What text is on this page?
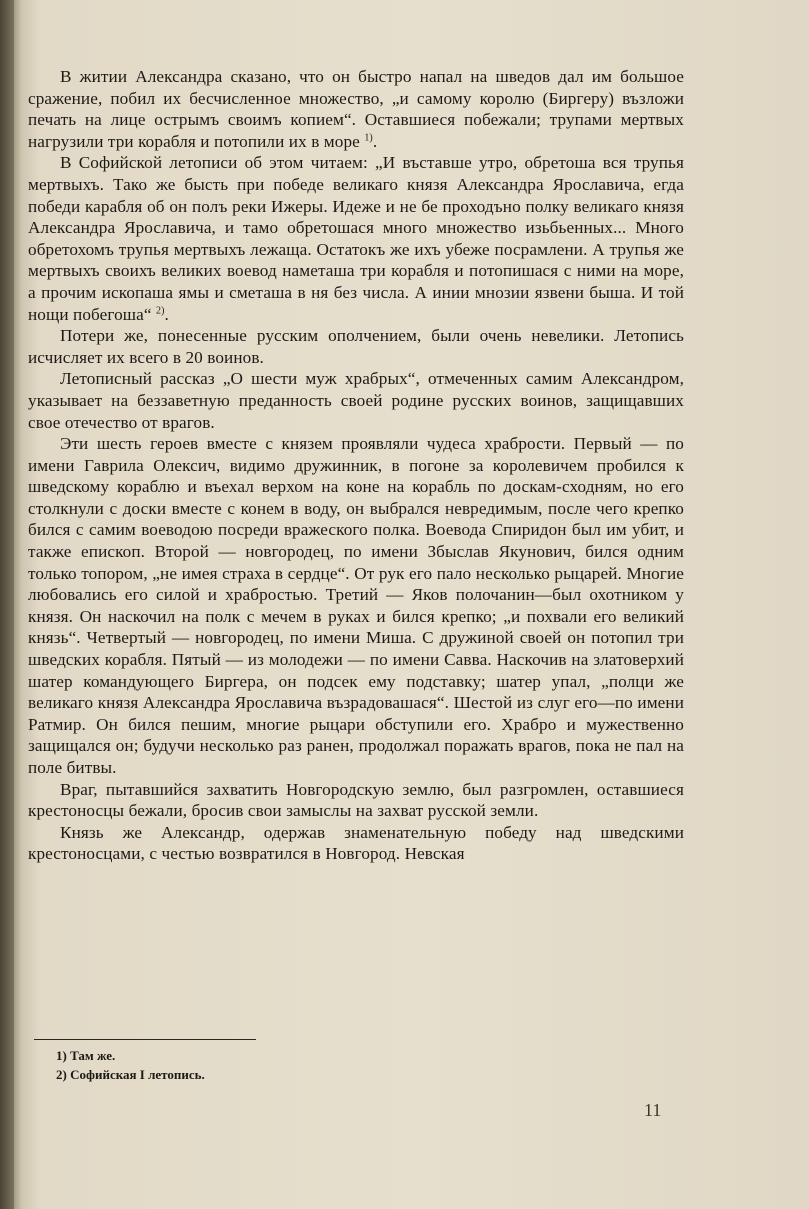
В житии Александра сказано, что он быстро напал на шведов дал им большое сражение, побил их бесчисленное множество, „и самому королю (Биргеру) възложи печать на лице острымъ своимъ копием“. Оставшиеся побежали; трупами мертвых нагрузили три корабля и потопили их в море $^{1)}$.

В Софийской летописи об этом читаем: „И въставше утро, обретоша вся трупья мертвыхъ. Тако же бысть при победе великаго князя Александра Ярославича, егда победи карабля об он полъ реки Ижеры. Идеже и не бе проходъно полку великаго князя Александра Ярославича, и тамо обретошася много множество изьбьенных... Много обретохомъ трупья мертвыхъ лежаща. Остатокъ же ихъ убеже посрамлени. А трупья же мертвыхъ своихъ великих воевод наметаша три корабля и потопишася с ними на море, а прочим ископаша ямы и сметаша в ня без числа. А инии мнозии язвени быша. И той нощи побегоша“ $^{2)}$.

Потери же, понесенные русским ополчением, были очень невелики. Летопись исчисляет их всего в 20 воинов.

Летописный рассказ „О шести муж храбрых“, отмеченных самим Александром, указывает на беззаветную преданность своей родине русских воинов, защищавших свое отечество от врагов.

Эти шесть героев вместе с князем проявляли чудеса храбрости. Первый — по имени Гаврила Олексич, видимо дружинник, в погоне за королевичем пробился к шведскому кораблю и въехал верхом на коне на корабль по доскам-сходням, но его столкнули с доски вместе с конем в воду, он выбрался невредимым, после чего крепко бился с самим воеводою посреди вражеского полка. Воевода Спиридон был им убит, и также епископ. Второй — новгородец, по имени Збыслав Якунович, бился одним только топором, „не имея страха в сердце“. От рук его пало несколько рыцарей. Многие любовались его силой и храбростью. Третий — Яков полочанин—был охотником у князя. Он наскочил на полк с мечем в руках и бился крепко; „и похвали его великий князь“. Четвертый — новгородец, по имени Миша. С дружиной своей он потопил три шведских корабля. Пятый — из молодежи — по имени Савва. Наскочив на златоверхий шатер командующего Биргера, он подсек ему подставку; шатер упал, „полци же великаго князя Александра Ярославича възрадовашася“. Шестой из слуг его—по имени Ратмир. Он бился пешим, многие рыцари обступили его. Храбро и мужественно защищался он; будучи несколько раз ранен, продолжал поражать врагов, пока не пал на поле битвы.

Враг, пытавшийся захватить Новгородскую землю, был разгромлен, оставшиеся крестоносцы бежали, бросив свои замыслы на захват русской земли.

Князь же Александр, одержав знаменательную победу над шведскими крестоносцами, с честью возвратился в Новгород. Невская

1) Там же.
2) Софийская I летопись.
11
